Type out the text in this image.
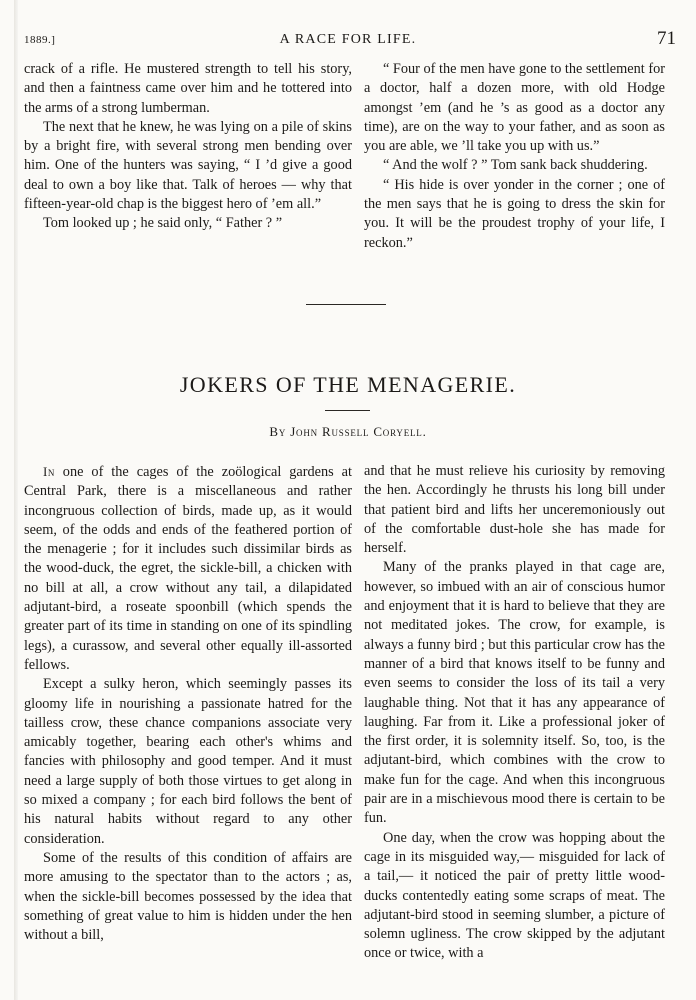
1889.]	A RACE FOR LIFE.	71

crack of a rifle. He mustered strength to tell his story, and then a faintness came over him and he tottered into the arms of a strong lumberman.

The next that he knew, he was lying on a pile of skins by a bright fire, with several strong men bending over him. One of the hunters was saying, “ I ’d give a good deal to own a boy like that. Talk of heroes — why that fifteen-year-old chap is the biggest hero of ’em all.”

Tom looked up ; he said only, “ Father ? ”

“ Four of the men have gone to the settlement for a doctor, half a dozen more, with old Hodge amongst ’em (and he ’s as good as a doctor any time), are on the way to your father, and as soon as you are able, we ’ll take you up with us.”

“ And the wolf ? ” Tom sank back shuddering.

“ His hide is over yonder in the corner ; one of the men says that he is going to dress the skin for you. It will be the proudest trophy of your life, I reckon.”

JOKERS OF THE MENAGERIE.
By John Russell Coryell.

In one of the cages of the zoölogical gardens at Central Park, there is a miscellaneous and rather incongruous collection of birds, made up, as it would seem, of the odds and ends of the feathered portion of the menagerie ; for it includes such dissimilar birds as the wood-duck, the egret, the sickle-bill, a chicken with no bill at all, a crow without any tail, a dilapidated adjutant-bird, a roseate spoonbill (which spends the greater part of its time in standing on one of its spindling legs), a curassow, and several other equally ill-assorted fellows.

Except a sulky heron, which seemingly passes its gloomy life in nourishing a passionate hatred for the tailless crow, these chance companions associate very amicably together, bearing each other's whims and fancies with philosophy and good temper. And it must need a large supply of both those virtues to get along in so mixed a company ; for each bird follows the bent of his natural habits without regard to any other consideration.

Some of the results of this condition of affairs are more amusing to the spectator than to the actors ; as, when the sickle-bill becomes possessed by the idea that something of great value to him is hidden under the hen without a bill,

and that he must relieve his curiosity by removing the hen. Accordingly he thrusts his long bill under that patient bird and lifts her unceremoniously out of the comfortable dust-hole she has made for herself.

Many of the pranks played in that cage are, however, so imbued with an air of conscious humor and enjoyment that it is hard to believe that they are not meditated jokes. The crow, for example, is always a funny bird ; but this particular crow has the manner of a bird that knows itself to be funny and even seems to consider the loss of its tail a very laughable thing. Not that it has any appearance of laughing. Far from it. Like a professional joker of the first order, it is solemnity itself. So, too, is the adjutant-bird, which combines with the crow to make fun for the cage. And when this incongruous pair are in a mischievous mood there is certain to be fun.

One day, when the crow was hopping about the cage in its misguided way,— misguided for lack of a tail,— it noticed the pair of pretty little wood-ducks contentedly eating some scraps of meat. The adjutant-bird stood in seeming slumber, a picture of solemn ugliness. The crow skipped by the adjutant once or twice, with a
